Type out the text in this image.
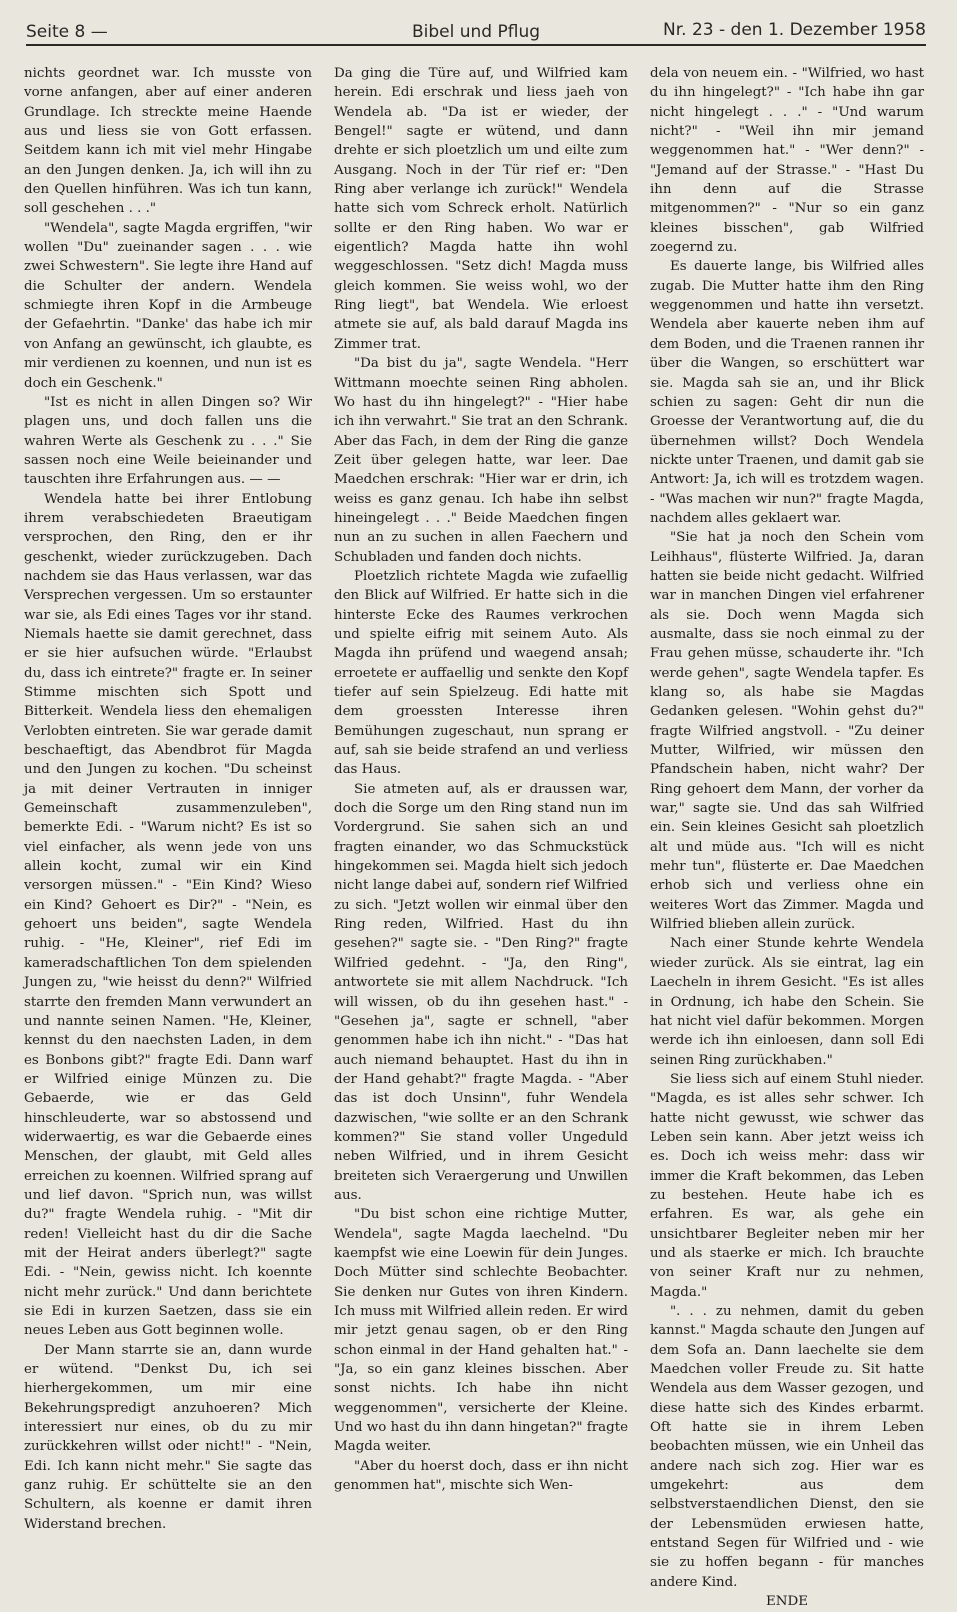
Seite 8 —	Bibel und Pflug	Nr. 23 - den 1. Dezember 1958

nichts geordnet war. Ich musste von vorne anfangen, aber auf einer anderen Grundlage. Ich streckte meine Haende aus und liess sie von Gott erfassen. Seitdem kann ich mit viel mehr Hingabe an den Jungen denken. Ja, ich will ihn zu den Quellen hinführen. Was ich tun kann, soll geschehen . . ."

"Wendela", sagte Magda ergriffen, "wir wollen "Du" zueinander sagen . . . wie zwei Schwestern". Sie legte ihre Hand auf die Schulter der andern. Wendela schmiegte ihren Kopf in die Armbeuge der Gefaehrtin. "Danke' das habe ich mir von Anfang an gewünscht, ich glaubte, es mir verdienen zu koennen, und nun ist es doch ein Geschenk."

"Ist es nicht in allen Dingen so? Wir plagen uns, und doch fallen uns die wahren Werte als Geschenk zu . . ." Sie sassen noch eine Weile beieinander und tauschten ihre Erfahrungen aus. — —

Wendela hatte bei ihrer Entlobung ihrem verabschiedeten Braeutigam versprochen, den Ring, den er ihr geschenkt, wieder zurückzugeben. Dach nachdem sie das Haus verlassen, war das Versprechen vergessen. Um so erstaunter war sie, als Edi eines Tages vor ihr stand. Niemals haette sie damit gerechnet, dass er sie hier aufsuchen würde. "Erlaubst du, dass ich eintrete?" fragte er. In seiner Stimme mischten sich Spott und Bitterkeit. Wendela liess den ehemaligen Verlobten eintreten. Sie war gerade damit beschaeftigt, das Abendbrot für Magda und den Jungen zu kochen. "Du scheinst ja mit deiner Vertrauten in inniger Gemeinschaft zusammenzuleben", bemerkte Edi. - "Warum nicht? Es ist so viel einfacher, als wenn jede von uns allein kocht, zumal wir ein Kind versorgen müssen." - "Ein Kind? Wieso ein Kind? Gehoert es Dir?" - "Nein, es gehoert uns beiden", sagte Wendela ruhig. - "He, Kleiner", rief Edi im kameradschaftlichen Ton dem spielenden Jungen zu, "wie heisst du denn?" Wilfried starrte den fremden Mann verwundert an und nannte seinen Namen. "He, Kleiner, kennst du den naechsten Laden, in dem es Bonbons gibt?" fragte Edi. Dann warf er Wilfried einige Münzen zu. Die Gebaerde, wie er das Geld hinschleuderte, war so abstossend und widerwaertig, es war die Gebaerde eines Menschen, der glaubt, mit Geld alles erreichen zu koennen. Wilfried sprang auf und lief davon. "Sprich nun, was willst du?" fragte Wendela ruhig. - "Mit dir reden! Vielleicht hast du dir die Sache mit der Heirat anders überlegt?" sagte Edi. - "Nein, gewiss nicht. Ich koennte nicht mehr zurück." Und dann berichtete sie Edi in kurzen Saetzen, dass sie ein neues Leben aus Gott beginnen wolle.

Der Mann starrte sie an, dann wurde er wütend. "Denkst Du, ich sei hierhergekommen, um mir eine Bekehrungspredigt anzuhoeren? Mich interessiert nur eines, ob du zu mir zurückkehren willst oder nicht!" - "Nein, Edi. Ich kann nicht mehr." Sie sagte das ganz ruhig. Er schüttelte sie an den Schultern, als koenne er damit ihren Widerstand brechen.

Da ging die Türe auf, und Wilfried kam herein. Edi erschrak und liess jaeh von Wendela ab. "Da ist er wieder, der Bengel!" sagte er wütend, und dann drehte er sich ploetzlich um und eilte zum Ausgang. Noch in der Tür rief er: "Den Ring aber verlange ich zurück!" Wendela hatte sich vom Schreck erholt. Natürlich sollte er den Ring haben. Wo war er eigentlich? Magda hatte ihn wohl weggeschlossen. "Setz dich! Magda muss gleich kommen. Sie weiss wohl, wo der Ring liegt", bat Wendela. Wie erloest atmete sie auf, als bald darauf Magda ins Zimmer trat.

"Da bist du ja", sagte Wendela. "Herr Wittmann moechte seinen Ring abholen. Wo hast du ihn hingelegt?" - "Hier habe ich ihn verwahrt." Sie trat an den Schrank. Aber das Fach, in dem der Ring die ganze Zeit über gelegen hatte, war leer. Dae Maedchen erschrak: "Hier war er drin, ich weiss es ganz genau. Ich habe ihn selbst hineingelegt . . ." Beide Maedchen fingen nun an zu suchen in allen Faechern und Schubladen und fanden doch nichts.

Ploetzlich richtete Magda wie zufaellig den Blick auf Wilfried. Er hatte sich in die hinterste Ecke des Raumes verkrochen und spielte eifrig mit seinem Auto. Als Magda ihn prüfend und waegend ansah; erroetete er auffaellig und senkte den Kopf tiefer auf sein Spielzeug. Edi hatte mit dem groessten Interesse ihren Bemühungen zugeschaut, nun sprang er auf, sah sie beide strafend an und verliess das Haus.

Sie atmeten auf, als er draussen war, doch die Sorge um den Ring stand nun im Vordergrund. Sie sahen sich an und fragten einander, wo das Schmuckstück hingekommen sei. Magda hielt sich jedoch nicht lange dabei auf, sondern rief Wilfried zu sich. "Jetzt wollen wir einmal über den Ring reden, Wilfried. Hast du ihn gesehen?" sagte sie. - "Den Ring?" fragte Wilfried gedehnt. - "Ja, den Ring", antwortete sie mit allem Nachdruck. "Ich will wissen, ob du ihn gesehen hast." - "Gesehen ja", sagte er schnell, "aber genommen habe ich ihn nicht." - "Das hat auch niemand behauptet. Hast du ihn in der Hand gehabt?" fragte Magda. - "Aber das ist doch Unsinn", fuhr Wendela dazwischen, "wie sollte er an den Schrank kommen?" Sie stand voller Ungeduld neben Wilfried, und in ihrem Gesicht breiteten sich Veraergerung und Unwillen aus.

"Du bist schon eine richtige Mutter, Wendela", sagte Magda laechelnd. "Du kaempfst wie eine Loewin für dein Junges. Doch Mütter sind schlechte Beobachter. Sie denken nur Gutes von ihren Kindern. Ich muss mit Wilfried allein reden. Er wird mir jetzt genau sagen, ob er den Ring schon einmal in der Hand gehalten hat." - "Ja, so ein ganz kleines bisschen. Aber sonst nichts. Ich habe ihn nicht weggenommen", versicherte der Kleine. Und wo hast du ihn dann hingetan?" fragte Magda weiter.

"Aber du hoerst doch, dass er ihn nicht genommen hat", mischte sich Wen-

dela von neuem ein. - "Wilfried, wo hast du ihn hingelegt?" - "Ich habe ihn gar nicht hingelegt . . ." - "Und warum nicht?" - "Weil ihn mir jemand weggenommen hat." - "Wer denn?" - "Jemand auf der Strasse." - "Hast Du ihn denn auf die Strasse mitgenommen?" - "Nur so ein ganz kleines bisschen", gab Wilfried zoegernd zu.

Es dauerte lange, bis Wilfried alles zugab. Die Mutter hatte ihm den Ring weggenommen und hatte ihn versetzt. Wendela aber kauerte neben ihm auf dem Boden, und die Traenen rannen ihr über die Wangen, so erschüttert war sie. Magda sah sie an, und ihr Blick schien zu sagen: Geht dir nun die Groesse der Verantwortung auf, die du übernehmen willst? Doch Wendela nickte unter Traenen, und damit gab sie Antwort: Ja, ich will es trotzdem wagen. - "Was machen wir nun?" fragte Magda, nachdem alles geklaert war.

"Sie hat ja noch den Schein vom Leihhaus", flüsterte Wilfried. Ja, daran hatten sie beide nicht gedacht. Wilfried war in manchen Dingen viel erfahrener als sie. Doch wenn Magda sich ausmalte, dass sie noch einmal zu der Frau gehen müsse, schauderte ihr. "Ich werde gehen", sagte Wendela tapfer. Es klang so, als habe sie Magdas Gedanken gelesen. "Wohin gehst du?" fragte Wilfried angstvoll. - "Zu deiner Mutter, Wilfried, wir müssen den Pfandschein haben, nicht wahr? Der Ring gehoert dem Mann, der vorher da war," sagte sie. Und das sah Wilfried ein. Sein kleines Gesicht sah ploetzlich alt und müde aus. "Ich will es nicht mehr tun", flüsterte er. Dae Maedchen erhob sich und verliess ohne ein weiteres Wort das Zimmer. Magda und Wilfried blieben allein zurück.

Nach einer Stunde kehrte Wendela wieder zurück. Als sie eintrat, lag ein Laecheln in ihrem Gesicht. "Es ist alles in Ordnung, ich habe den Schein. Sie hat nicht viel dafür bekommen. Morgen werde ich ihn einloesen, dann soll Edi seinen Ring zurückhaben."

Sie liess sich auf einem Stuhl nieder. "Magda, es ist alles sehr schwer. Ich hatte nicht gewusst, wie schwer das Leben sein kann. Aber jetzt weiss ich es. Doch ich weiss mehr: dass wir immer die Kraft bekommen, das Leben zu bestehen. Heute habe ich es erfahren. Es war, als gehe ein unsichtbarer Begleiter neben mir her und als staerke er mich. Ich brauchte von seiner Kraft nur zu nehmen, Magda."

". . . zu nehmen, damit du geben kannst." Magda schaute den Jungen auf dem Sofa an. Dann laechelte sie dem Maedchen voller Freude zu. Sit hatte Wendela aus dem Wasser gezogen, und diese hatte sich des Kindes erbarmt. Oft hatte sie in ihrem Leben beobachten müssen, wie ein Unheil das andere nach sich zog. Hier war es umgekehrt: aus dem selbstverstaendlichen Dienst, den sie der Lebensmüden erwiesen hatte, entstand Segen für Wilfried und - wie sie zu hoffen begann - für manches andere Kind.

ENDE
